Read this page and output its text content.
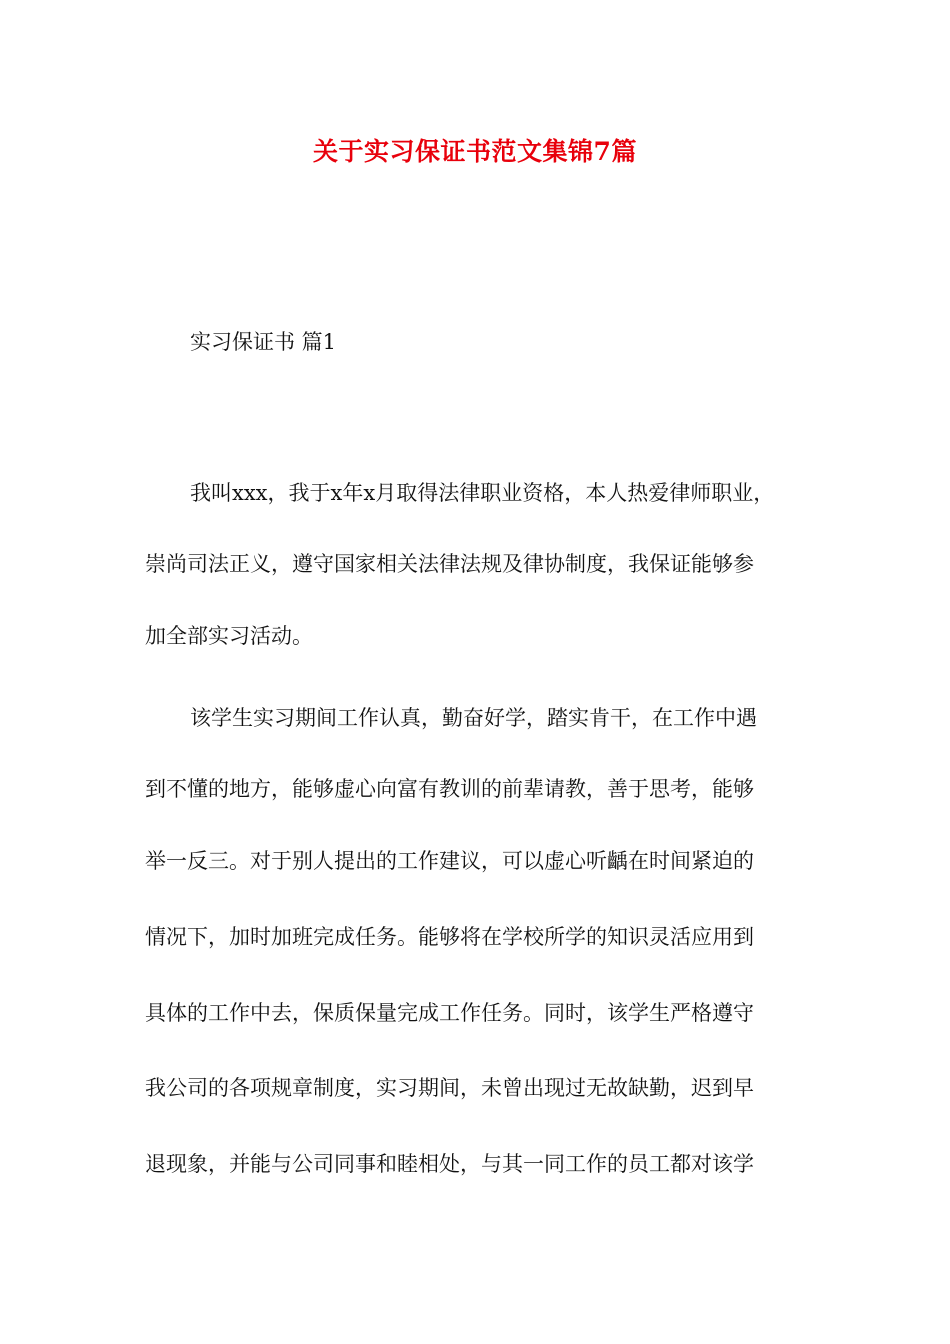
关于实习保证书范文集锦7篇
实习保证书 篇1
我叫xxx，我于x年x月取得法律职业资格，本人热爱律师职业，
崇尚司法正义，遵守国家相关法律法规及律协制度，我保证能够参
加全部实习活动。
该学生实习期间工作认真，勤奋好学，踏实肯干，在工作中遇
到不懂的地方，能够虚心向富有教训的前辈请教，善于思考，能够
举一反三。对于别人提出的工作建议，可以虚心听齲在时间紧迫的
情况下，加时加班完成任务。能够将在学校所学的知识灵活应用到
具体的工作中去，保质保量完成工作任务。同时，该学生严格遵守
我公司的各项规章制度，实习期间，未曾出现过无故缺勤，迟到早
退现象，并能与公司同事和睦相处，与其一同工作的员工都对该学
